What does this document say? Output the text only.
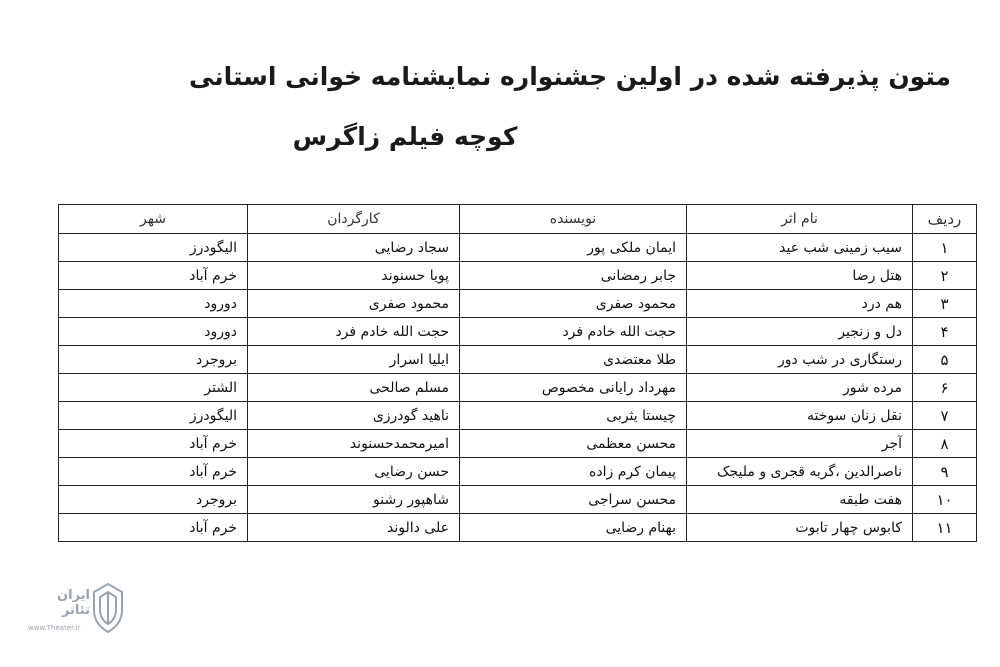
متون پذیرفته شده در اولین جشنواره نمایشنامه خوانی استانی
کوچه فیلم زاگرس
ردیف	نام اثر	نویسنده	کارگردان	شهر
۱	سیب زمینی شب عید	ایمان ملکی پور	سجاد رضایی	الیگودرز
۲	هتل رضا	جابر رمضانی	پویا حسنوند	خرم آباد
۳	هم درد	محمود صفری	محمود صفری	دورود
۴	دل و زنجیر	حجت الله خادم فرد	حجت الله خادم فرد	دورود
۵	رستگاری در شب دور	طلا معتضدی	ایلیا اسرار	بروجرد
۶	مرده شور	مهرداد رایانی مخصوص	مسلم صالحی	الشتر
۷	نقل زنان سوخته	چیستا یثربی	ناهید گودرزی	الیگودرز
۸	آجر	محسن معظمی	امیرمحمدحسنوند	خرم آباد
۹	ناصرالدین ،گربه قجری و ملیجک	پیمان کرم زاده	حسن رضایی	خرم آباد
۱۰	هفت طبقه	محسن سراجی	شاهپور رشنو	بروجرد
۱۱	کابوس چهار تابوت	بهنام رضایی	علی دالوند	خرم آباد
ایران تئاتر
www.Theater.ir
